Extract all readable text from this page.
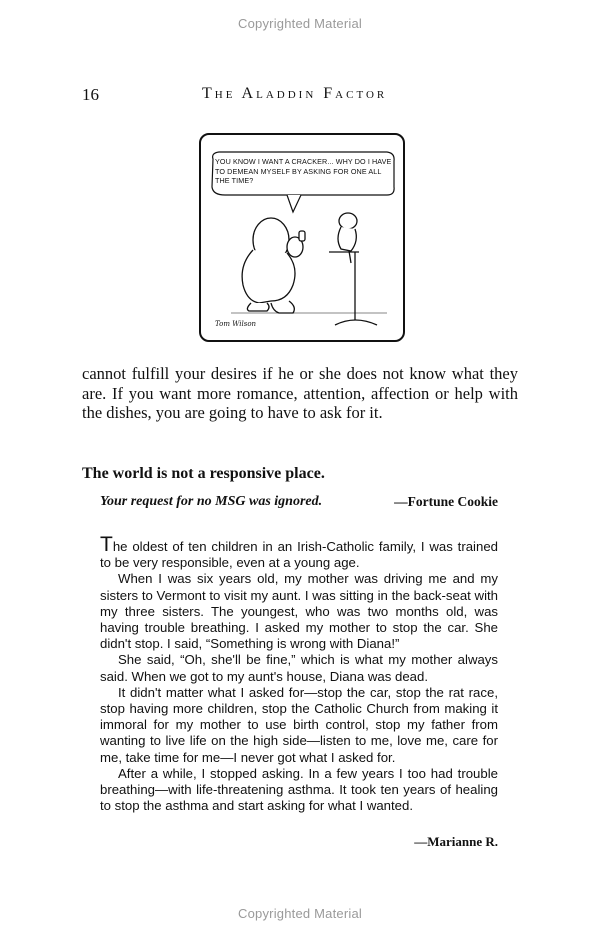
Copyrighted Material
16	The Aladdin Factor
YOU KNOW I WANT A CRACKER... WHY DO I HAVE TO DEMEAN MYSELF BY ASKING FOR ONE ALL THE TIME?
Tom Wilson

cannot fulfill your desires if he or she does not know what they are. If you want more romance, attention, affection or help with the dishes, you are going to have to ask for it.

The world is not a responsive place.
Your request for no MSG was ignored.	—Fortune Cookie

The oldest of ten children in an Irish-Catholic family, I was trained to be very responsible, even at a young age.

When I was six years old, my mother was driving me and my sisters to Vermont to visit my aunt. I was sitting in the back-seat with my three sisters. The youngest, who was two months old, was having trouble breathing. I asked my mother to stop the car. She didn't stop. I said, “Something is wrong with Diana!”

She said, “Oh, she'll be fine,” which is what my mother always said. When we got to my aunt's house, Diana was dead.

It didn't matter what I asked for—stop the car, stop the rat race, stop having more children, stop the Catholic Church from making it immoral for my mother to use birth control, stop my father from wanting to live life on the high side—listen to me, love me, care for me, take time for me—I never got what I asked for.

After a while, I stopped asking. In a few years I too had trouble breathing—with life-threatening asthma. It took ten years of healing to stop the asthma and start asking for what I wanted.

—Marianne R.
Copyrighted Material
